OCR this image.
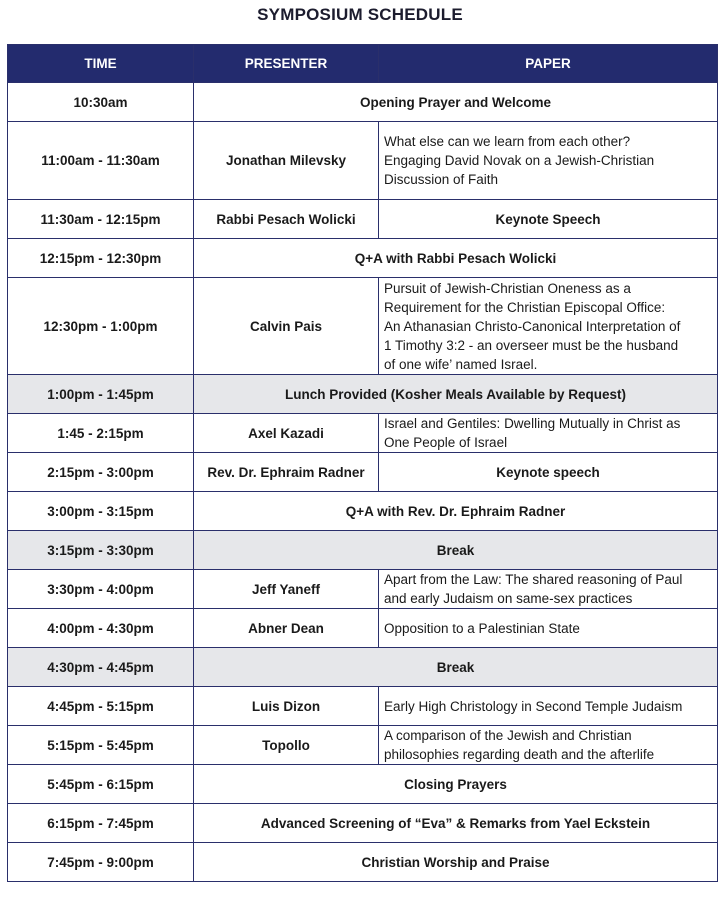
SYMPOSIUM SCHEDULE
TIME	PRESENTER	PAPER
10:30am	Opening Prayer and Welcome	
11:00am - 11:30am	Jonathan Milevsky	What else can we learn from each other?
Engaging David Novak on a Jewish-Christian
Discussion of Faith

11:30am - 12:15pm	Rabbi Pesach Wolicki	Keynote Speech
12:15pm - 12:30pm	Q+A with Rabbi Pesach Wolicki	
12:30pm - 1:00pm	Calvin Pais	Pursuit of Jewish-Christian Oneness as a
Requirement for the Christian Episcopal Office:
An Athanasian Christo-Canonical Interpretation of
1 Timothy 3:2 - an overseer must be the husband
of one wife’ named Israel.

1:00pm - 1:45pm	Lunch Provided (Kosher Meals Available by Request)	
1:45 - 2:15pm	Axel Kazadi	Israel and Gentiles: Dwelling Mutually in Christ as
One People of Israel

2:15pm - 3:00pm	Rev. Dr. Ephraim Radner	Keynote speech
3:00pm - 3:15pm	Q+A with Rev. Dr. Ephraim Radner	
3:15pm - 3:30pm	Break	
3:30pm - 4:00pm	Jeff Yaneff	Apart from the Law: The shared reasoning of Paul
and early Judaism on same-sex practices

4:00pm - 4:30pm	Abner Dean	Opposition to a Palestinian State

4:30pm - 4:45pm	Break	
4:45pm - 5:15pm	Luis Dizon	Early High Christology in Second Temple Judaism

5:15pm - 5:45pm	Topollo	A comparison of the Jewish and Christian
philosophies regarding death and the afterlife

5:45pm - 6:15pm	Closing Prayers	
6:15pm - 7:45pm	Advanced Screening of “Eva” & Remarks from Yael Eckstein	
7:45pm - 9:00pm	Christian Worship and Praise	
